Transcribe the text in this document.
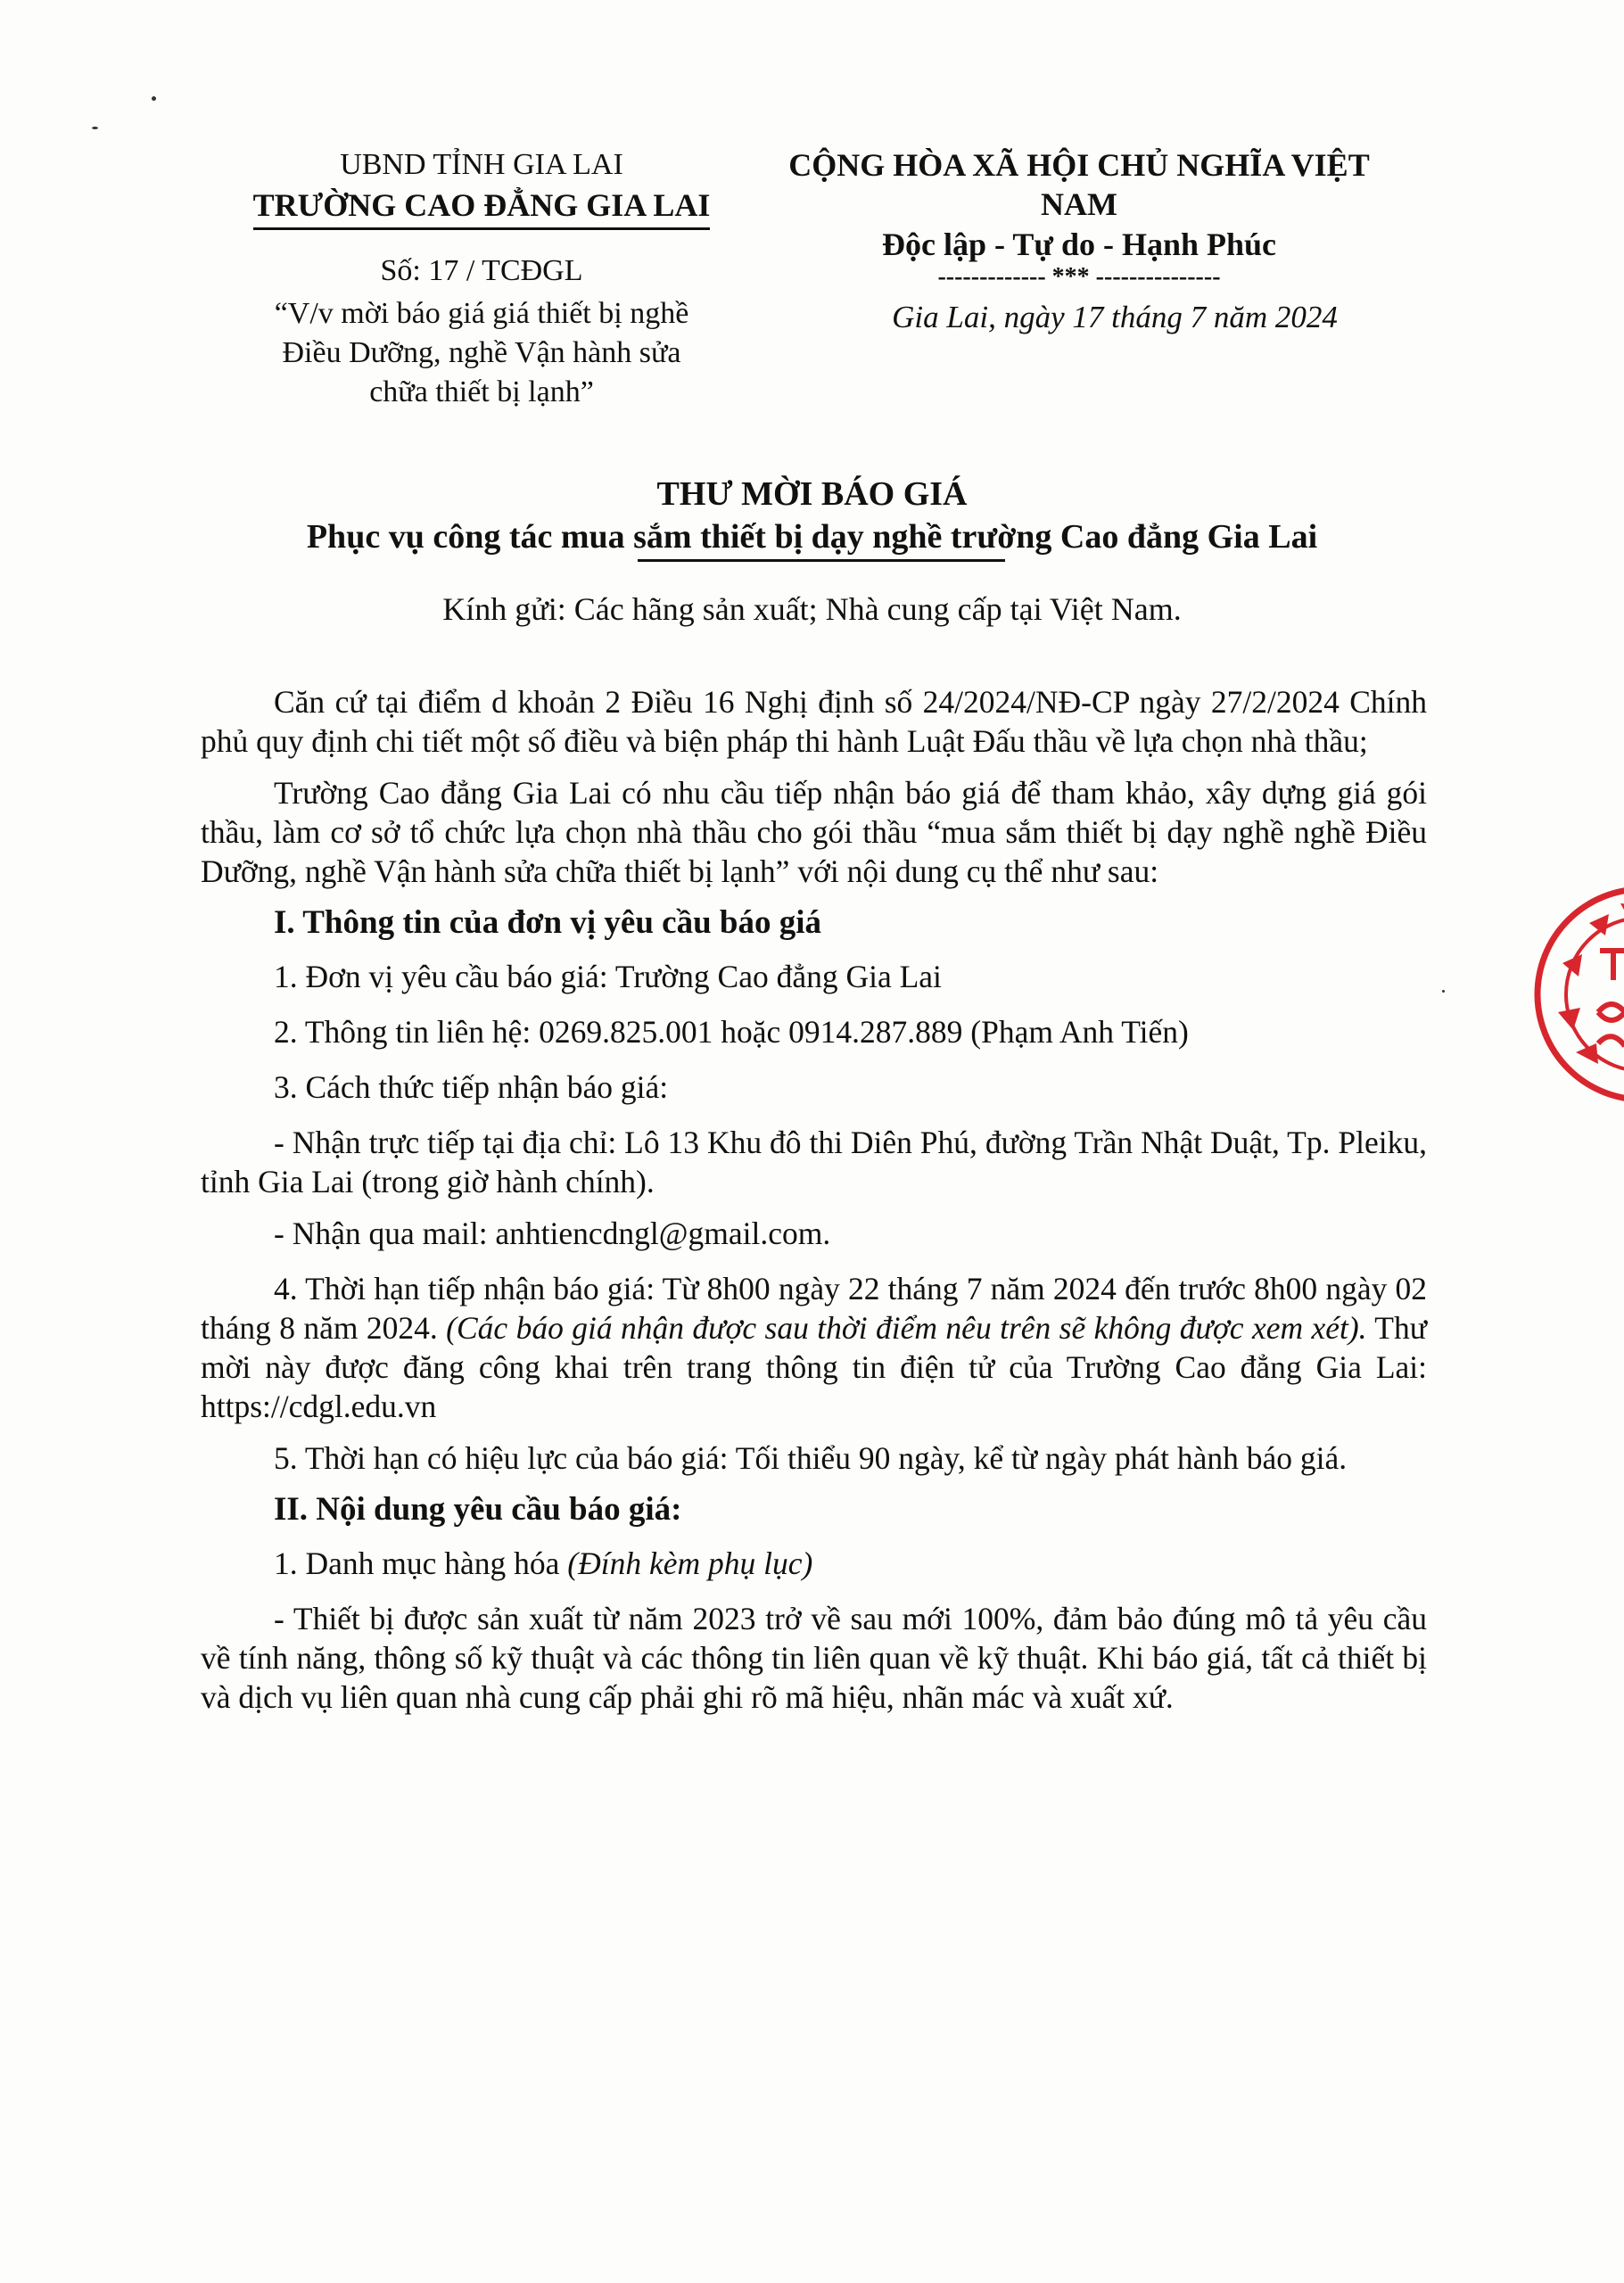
UBND TỈNH GIA LAI
TRƯỜNG CAO ĐẲNG GIA LAI
CỘNG HÒA XÃ HỘI CHỦ NGHĨA VIỆT NAM
Độc lập - Tự do - Hạnh Phúc
------------- *** ---------------
Số: 17 / TCĐGL
“V/v mời báo giá giá thiết bị nghề
Điều Dưỡng, nghề Vận hành sửa
chữa thiết bị lạnh”
Gia Lai, ngày 17 tháng 7 năm 2024
THƯ MỜI BÁO GIÁ
Phục vụ công tác mua sắm thiết bị dạy nghề trường Cao đẳng Gia Lai
Kính gửi: Các hãng sản xuất; Nhà cung cấp tại Việt Nam.

Căn cứ tại điểm d khoản 2 Điều 16 Nghị định số 24/2024/NĐ-CP ngày 27/2/2024 Chính phủ quy định chi tiết một số điều và biện pháp thi hành Luật Đấu thầu về lựa chọn nhà thầu;

Trường Cao đẳng Gia Lai có nhu cầu tiếp nhận báo giá để tham khảo, xây dựng giá gói thầu, làm cơ sở tổ chức lựa chọn nhà thầu cho gói thầu “mua sắm thiết bị dạy nghề nghề Điều Dưỡng, nghề Vận hành sửa chữa thiết bị lạnh” với nội dung cụ thể như sau:

I. Thông tin của đơn vị yêu cầu báo giá

1. Đơn vị yêu cầu báo giá: Trường Cao đẳng Gia Lai

2. Thông tin liên hệ: 0269.825.001 hoặc 0914.287.889 (Phạm Anh Tiến)

3. Cách thức tiếp nhận báo giá:

- Nhận trực tiếp tại địa chỉ: Lô 13 Khu đô thi Diên Phú, đường Trần Nhật Duật, Tp. Pleiku, tỉnh Gia Lai (trong giờ hành chính).

- Nhận qua mail: anhtiencdngl@gmail.com.

4. Thời hạn tiếp nhận báo giá: Từ 8h00 ngày 22 tháng 7 năm 2024 đến trước 8h00 ngày 02 tháng 8 năm 2024. (Các báo giá nhận được sau thời điểm nêu trên sẽ không được xem xét). Thư mời này được đăng công khai trên trang thông tin điện tử của Trường Cao đẳng Gia Lai: https://cdgl.edu.vn

5. Thời hạn có hiệu lực của báo giá: Tối thiểu 90 ngày, kể từ ngày phát hành báo giá.

II. Nội dung yêu cầu báo giá:

1. Danh mục hàng hóa (Đính kèm phụ lục)

- Thiết bị được sản xuất từ năm 2023 trở về sau mới 100%, đảm bảo đúng mô tả yêu cầu về tính năng, thông số kỹ thuật và các thông tin liên quan về kỹ thuật. Khi báo giá, tất cả thiết bị và dịch vụ liên quan nhà cung cấp phải ghi rõ mã hiệu, nhãn mác và xuất xứ.
